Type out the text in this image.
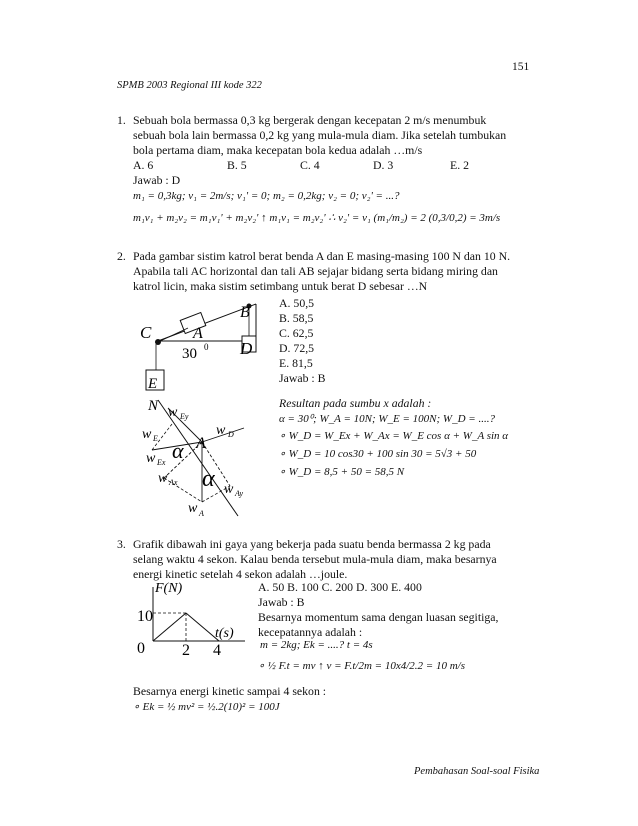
151
SPMB 2003 Regional III kode 322
1. Sebuah bola bermassa 0,3 kg bergerak dengan kecepatan 2 m/s menumbuk
sebuah bola lain bermassa 0,2 kg yang mula-mula diam. Jika setelah tumbukan
bola pertama diam, maka kecepatan bola kedua adalah …m/s
A. 6	B. 5	C. 4	D. 3	E. 2
Jawab : D
m₁ = 0,3kg; v₁ = 2m/s; v₁' = 0; m₂ = 0,2kg; v₂ = 0; v₂' = ...?
m₁v₁ + m₂v₂ = m₁v₁' + m₂v₂' ↑ m₁v₁ = m₂v₂' ∴ v₂' = v₁ (m₁/m₂) = 2 (0,3/0,2) = 3m/s
2. Pada gambar sistim katrol berat benda A dan E masing-masing 100 N dan 10 N.
Apabila tali AC horizontal dan tali AB sejajar bidang serta bidang miring dan
katrol licin, maka sistim setimbang untuk berat D sebesar …N
A. 50,5
B. 58,5
C. 62,5
D. 72,5
E. 81,5
Jawab : B
B
A
C
D
E
30 0
N w Ey
w E
w D
w Ex α A
w Ax α w Ay
w A
Resultan pada sumbu x adalah :
α = 30⁰; W_A = 10N; W_E = 100N; W_D = ....?
∘ W_D = W_Ex + W_Ax = W_E cos α + W_A sin α
∘ W_D = 10 cos30 + 100 sin 30 = 5√3 + 50
∘ W_D = 8,5 + 50 = 58,5 N
3. Grafik dibawah ini gaya yang bekerja pada suatu benda bermassa 2 kg pada
selang waktu 4 sekon. Kalau benda tersebut mula-mula diam, maka besarnya
energi kinetic setelah 4 sekon adalah …joule.
F(N)
10
0 2 4
t(s)
A. 50 B. 100 C. 200 D. 300 E. 400
Jawab : B
Besarnya momentum sama dengan luasan segitiga,
kecepatannya adalah :
m = 2kg; Ek = ....? t = 4s
∘ ½ F.t = mv ↑ v = F.t/2m = 10x4/2.2 = 10 m/s
Besarnya energi kinetic sampai 4 sekon :
∘ Ek = ½ mv² = ½.2(10)² = 100J
Pembahasan Soal-soal Fisika
